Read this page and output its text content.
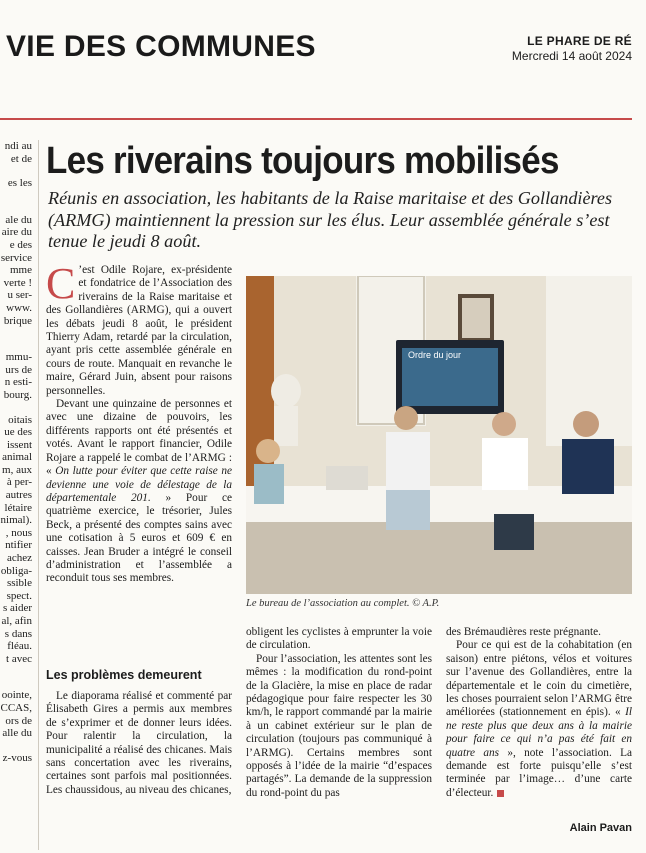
VIE DES COMMUNES	LE PHARE DE RÉ
Mercredi 14 août 2024
ndi au
et de
es les
ale du
aire du
e des
service
mme
verte !
u ser-
www.
brique
mmu-
urs de
n esti-
bourg.
oitais
ue des
issent
animal
m, aux
à per-
autres
létaire
nimal).
, nous
ntifier
achez
obliga-
ssible
spect.
s aider
al, afin
s dans
fléau.
t avec
oointe,
CCAS,
ors de
alle du
z-vous
Les riverains toujours mobilisés
Réunis en association, les habitants de la Raise maritaise et des Gollandières (ARMG) maintiennent la pression sur les élus. Leur assemblée générale s’est tenue le jeudi 8 août.

C ’est Odile Rojare, ex-présidente et fondatrice de l’Association des riverains de la Raise maritaise et des Gollandières (ARMG), qui a ouvert les débats jeudi 8 août, le président Thierry Adam, retardé par la circulation, ayant pris cette assemblée générale en cours de route. Manquait en revanche le maire, Gérard Juin, absent pour raisons personnelles.

Devant une quinzaine de personnes et avec une dizaine de pouvoirs, les différents rapports ont été présentés et votés. Avant le rapport financier, Odile Rojare a rappelé le combat de l’ARMG : « On lutte pour éviter que cette raise ne devienne une voie de délestage de la départementale 201. » Pour ce quatrième exercice, le trésorier, Jules Beck, a présenté des comptes sains avec une cotisation à 5 euros et 609 € en caisses. Jean Bruder a intégré le conseil d’administration et l’assemblée a reconduit tous ses membres.

Les problèmes demeurent

Le diaporama réalisé et commenté par Élisabeth Gires a permis aux membres de s’exprimer et de donner leurs idées. Pour ralentir la circulation, la municipalité a réalisé des chicanes. Mais sans concertation avec les riverains, certaines sont parfois mal positionnées. Les chaussidous, au niveau des chicanes,

Ordre du jour
Le bureau de l’association au complet. © A.P.

obligent les cyclistes à emprunter la voie de circulation.

Pour l’association, les attentes sont les mêmes : la modification du rond-point de la Glacière, la mise en place de radar pédagogique pour faire respecter les 30 km/h, le rapport commandé par la mairie à un cabinet extérieur sur le plan de circulation (toujours pas communiqué à l’ARMG). Certains membres sont opposés à l’idée de la mairie “d’espaces partagés”. La demande de la suppression du rond-point du pas

des Brémaudières reste prégnante.

Pour ce qui est de la cohabitation (en saison) entre piétons, vélos et voitures sur l’avenue des Gollandières, entre la départementale et le coin du cimetière, les choses pourraient selon l’ARMG être améliorées (stationnement en épis). « Il ne reste plus que deux ans à la mairie pour faire ce qui n’a pas été fait en quatre ans », note l’association. La demande est forte puisqu’elle s’est terminée par l’image… d’une carte d’électeur.

Alain Pavan
